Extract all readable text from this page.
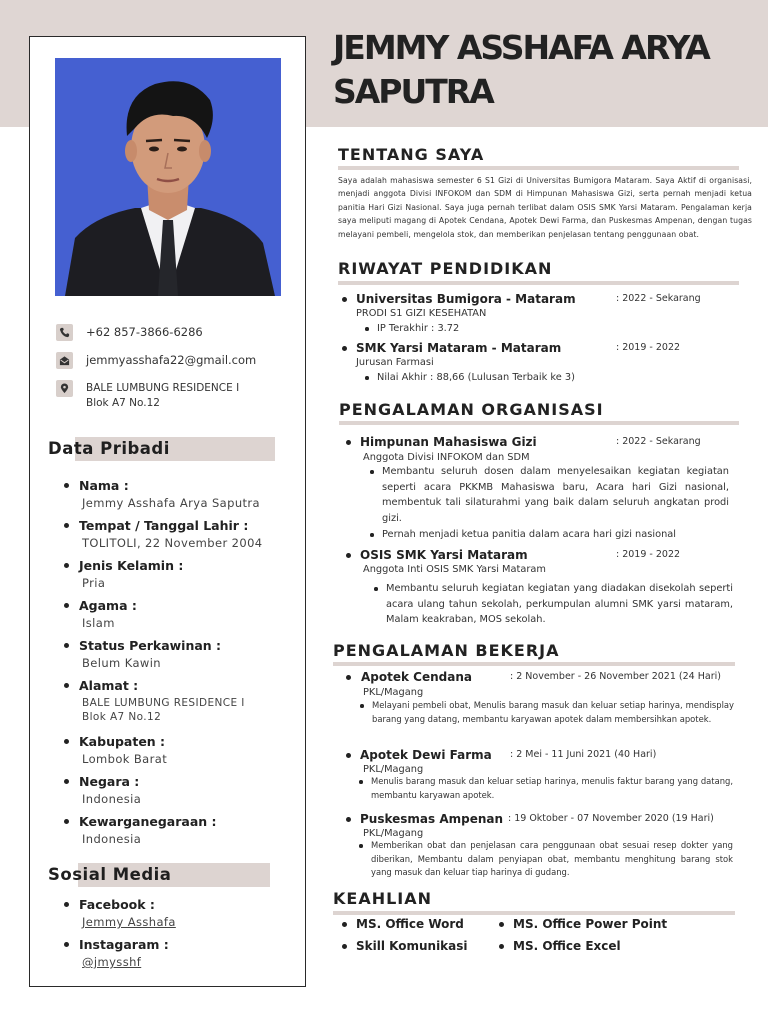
+62 857-3866-6286
jemmyasshafa22@gmail.com
BALE LUMBUNG RESIDENCE I
Blok A7 No.12
Data Pribadi
Nama :
Jemmy Asshafa Arya Saputra
Tempat / Tanggal Lahir :
TOLITOLI, 22 November 2004
Jenis Kelamin :
Pria
Agama :
Islam
Status Perkawinan :
Belum Kawin
Alamat :
BALE LUMBUNG RESIDENCE I
Blok A7 No.12
Kabupaten :
Lombok Barat
Negara :
Indonesia
Kewarganegaraan :
Indonesia
Sosial Media
Facebook :
Jemmy Asshafa
Instagaram :
@jmysshf
JEMMY ASSHAFA ARYA SAPUTRA
TENTANG SAYA
Saya adalah mahasiswa semester 6 S1 Gizi di Universitas Bumigora Mataram. Saya Aktif di organisasi, menjadi anggota Divisi INFOKOM dan SDM di Himpunan Mahasiswa Gizi, serta pernah menjadi ketua panitia Hari Gizi Nasional. Saya juga pernah terlibat dalam OSIS SMK Yarsi Mataram. Pengalaman kerja saya meliputi magang di Apotek Cendana, Apotek Dewi Farma, dan Puskesmas Ampenan, dengan tugas melayani pembeli, mengelola stok, dan memberikan penjelasan tentang penggunaan obat.
RIWAYAT PENDIDIKAN
Universitas Bumigora - Mataram	: 2022 - Sekarang
PRODI S1 GIZI KESEHATAN
IP Terakhir : 3.72
SMK Yarsi Mataram - Mataram	: 2019 - 2022
Jurusan Farmasi
Nilai Akhir : 88,66 (Lulusan Terbaik ke 3)
PENGALAMAN ORGANISASI
Himpunan Mahasiswa Gizi	: 2022 - Sekarang
Anggota Divisi INFOKOM dan SDM
Membantu seluruh dosen dalam menyelesaikan kegiatan kegiatan seperti acara PKKMB Mahasiswa baru, Acara hari Gizi nasional, membentuk tali silaturahmi yang baik dalam seluruh angkatan prodi gizi.
Pernah menjadi ketua panitia dalam acara hari gizi nasional
OSIS SMK Yarsi Mataram	: 2019 - 2022
Anggota Inti OSIS SMK Yarsi Mataram
Membantu seluruh kegiatan kegiatan yang diadakan disekolah seperti acara ulang tahun sekolah, perkumpulan alumni SMK yarsi mataram, Malam keakraban, MOS sekolah.
PENGALAMAN BEKERJA
Apotek Cendana	: 2 November - 26 November 2021 (24 Hari)
PKL/Magang
Melayani pembeli obat, Menulis barang masuk dan keluar setiap harinya, mendisplay barang yang datang, membantu karyawan apotek dalam membersihkan apotek.
Apotek Dewi Farma : 2 Mei - 11 Juni 2021 (40 Hari)
PKL/Magang
Menulis barang masuk dan keluar setiap harinya, menulis faktur barang yang datang, membantu karyawan apotek.
Puskesmas Ampenan : 19 Oktober - 07 November 2020 (19 Hari)
PKL/Magang
Memberikan obat dan penjelasan cara penggunaan obat sesuai resep dokter yang diberikan, Membantu dalam penyiapan obat, membantu menghitung barang stok yang masuk dan keluar tiap harinya di gudang.
KEAHLIAN
MS. Office Word	MS. Office Power Point
Skill Komunikasi	MS. Office Excel
